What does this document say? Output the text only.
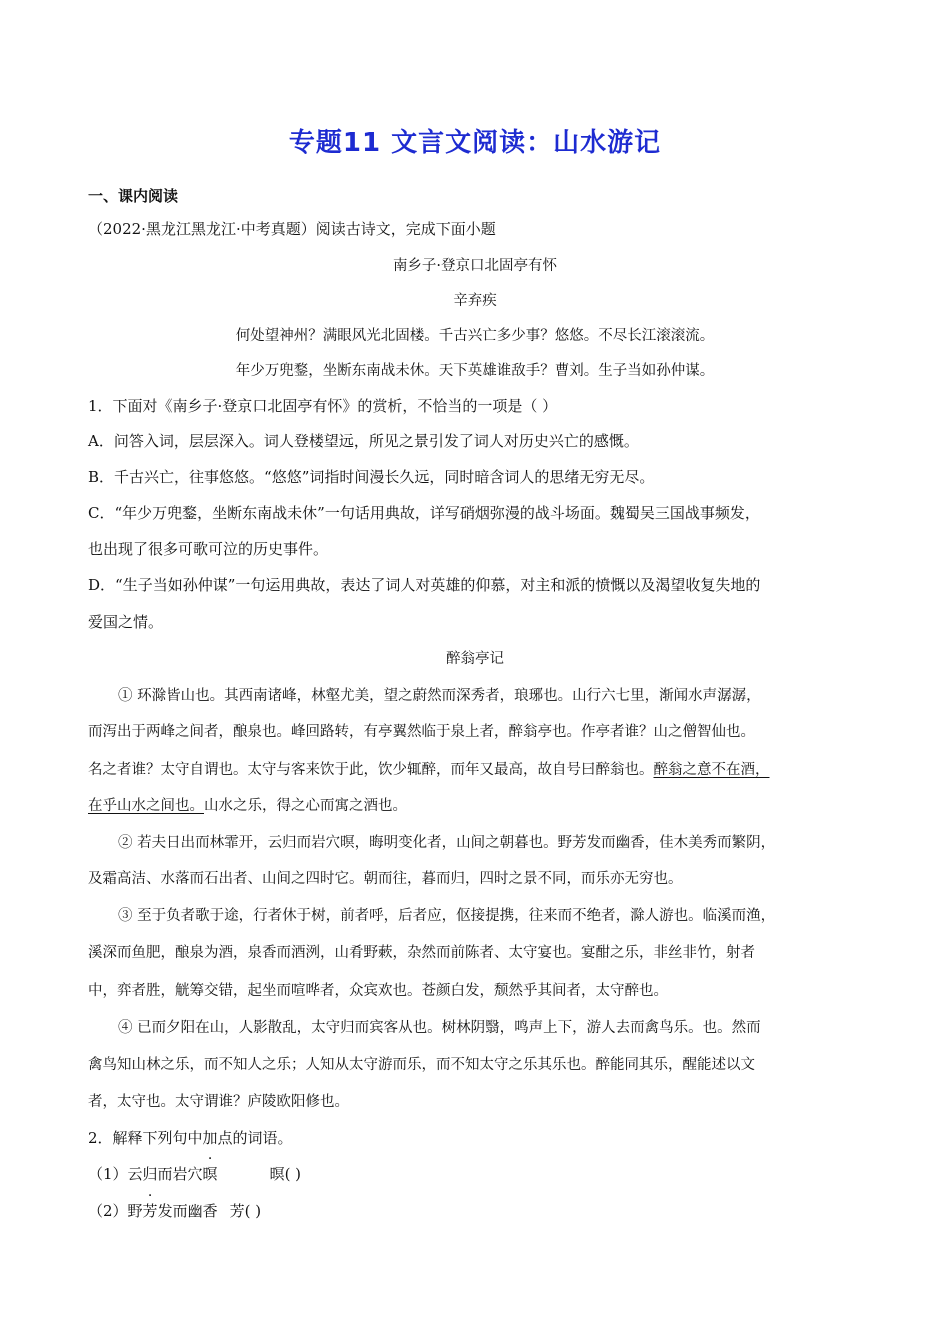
专题11 文言文阅读：山水游记
一、课内阅读
（2022·黑龙江黑龙江·中考真题）阅读古诗文，完成下面小题
南乡子·登京口北固亭有怀
辛弃疾
何处望神州？满眼风光北固楼。千古兴亡多少事？悠悠。不尽长江滚滚流。
年少万兜鍪，坐断东南战未休。天下英雄谁敌手？曹刘。生子当如孙仲谋。
1．下面对《南乡子·登京口北固亭有怀》的赏析，不恰当的一项是（ ）
A．问答入词，层层深入。词人登楼望远，所见之景引发了词人对历史兴亡的感慨。
B．千古兴亡，往事悠悠。“悠悠”词指时间漫长久远，同时暗含词人的思绪无穷无尽。
C．“年少万兜鍪，坐断东南战未休”一句话用典故，详写硝烟弥漫的战斗场面。魏蜀吴三国战事频发，
也出现了很多可歌可泣的历史事件。
D．“生子当如孙仲谋”一句运用典故，表达了词人对英雄的仰慕，对主和派的愤慨以及渴望收复失地的
爱国之情。
醉翁亭记
① 环滁皆山也。其西南诸峰，林壑尤美，望之蔚然而深秀者，琅琊也。山行六七里，渐闻水声潺潺，
而泻出于两峰之间者，酿泉也。峰回路转，有亭翼然临于泉上者，醉翁亭也。作亭者谁？山之僧智仙也。
名之者谁？太守自谓也。太守与客来饮于此，饮少辄醉，而年又最高，故自号曰醉翁也。醉翁之意不在酒，
在乎山水之间也。山水之乐，得之心而寓之酒也。
② 若夫日出而林霏开，云归而岩穴暝，晦明变化者，山间之朝暮也。野芳发而幽香，佳木美秀而繁阴，
及霜高洁、水落而石出者、山间之四时它。朝而往，暮而归，四时之景不同，而乐亦无穷也。
③ 至于负者歌于途，行者休于树，前者呼，后者应，伛接提携，往来而不绝者，滁人游也。临溪而渔，
溪深而鱼肥，酿泉为酒，泉香而酒洌，山肴野蔌，杂然而前陈者、太守宴也。宴酣之乐，非丝非竹，射者
中，弈者胜，觥筹交错，起坐而喧哗者，众宾欢也。苍颜白发，颓然乎其间者，太守醉也。
④ 已而夕阳在山，人影散乱，太守归而宾客从也。树林阴翳，鸣声上下，游人去而禽鸟乐。也。然而
禽鸟知山林之乐，而不知人之乐；人知从太守游而乐，而不知太守之乐其乐也。醉能同其乐，醒能述以文
者，太守也。太守谓谁？庐陵欧阳修也。
2．解释下列句中加点的词语。
（1）云归而岩穴暝	暝( )
（2）野芳发而幽香 芳( )
